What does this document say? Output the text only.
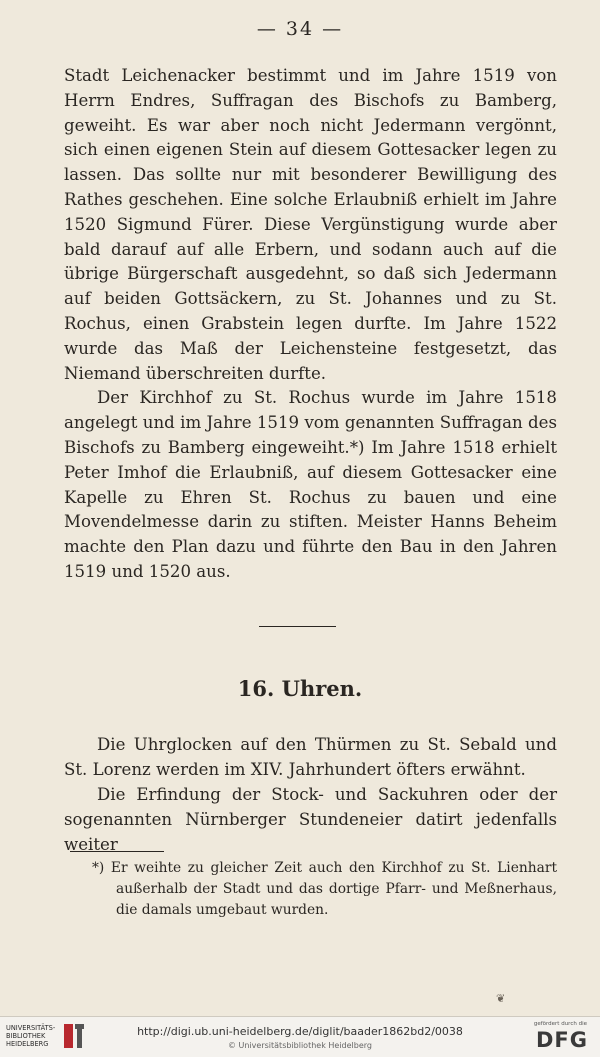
— 34 —

Stadt Leichenacker bestimmt und im Jahre 1519 von Herrn Endres, Suffragan des Bischofs zu Bamberg, geweiht. Es war aber noch nicht Jedermann vergönnt, sich einen eigenen Stein auf diesem Gottesacker legen zu lassen. Das sollte nur mit besonderer Bewilligung des Rathes geschehen. Eine solche Erlaubniß erhielt im Jahre 1520 Sigmund Fürer. Diese Vergünstigung wurde aber bald darauf auf alle Erbern, und sodann auch auf die übrige Bürgerschaft ausgedehnt, so daß sich Jedermann auf beiden Gottsäckern, zu St. Johannes und zu St. Rochus, einen Grabstein legen durfte. Im Jahre 1522 wurde das Maß der Leichensteine festgesetzt, das Niemand überschreiten durfte.

Der Kirchhof zu St. Rochus wurde im Jahre 1518 angelegt und im Jahre 1519 vom genannten Suffragan des Bischofs zu Bamberg eingeweiht.*) Im Jahre 1518 erhielt Peter Imhof die Erlaubniß, auf diesem Gottesacker eine Kapelle zu Ehren St. Rochus zu bauen und eine Movendelmesse darin zu stiften. Meister Hanns Beheim machte den Plan dazu und führte den Bau in den Jahren 1519 und 1520 aus.

16. Uhren.

Die Uhrglocken auf den Thürmen zu St. Sebald und St. Lorenz werden im XIV. Jahrhundert öfters erwähnt.

Die Erfindung der Stock- und Sackuhren oder der sogenannten Nürnberger Stundeneier datirt jedenfalls weiter

*) Er weihte zu gleicher Zeit auch den Kirchhof zu St. Lienhart außerhalb der Stadt und das dortige Pfarr- und Meßnerhaus, die damals umgebaut wurden.

❦
UNIVERSITÄTS-
BIBLIOTHEK
HEIDELBERG
http://digi.ub.uni-heidelberg.de/diglit/baader1862bd2/0038
© Universitätsbibliothek Heidelberg
gefördert durch die
DFG
